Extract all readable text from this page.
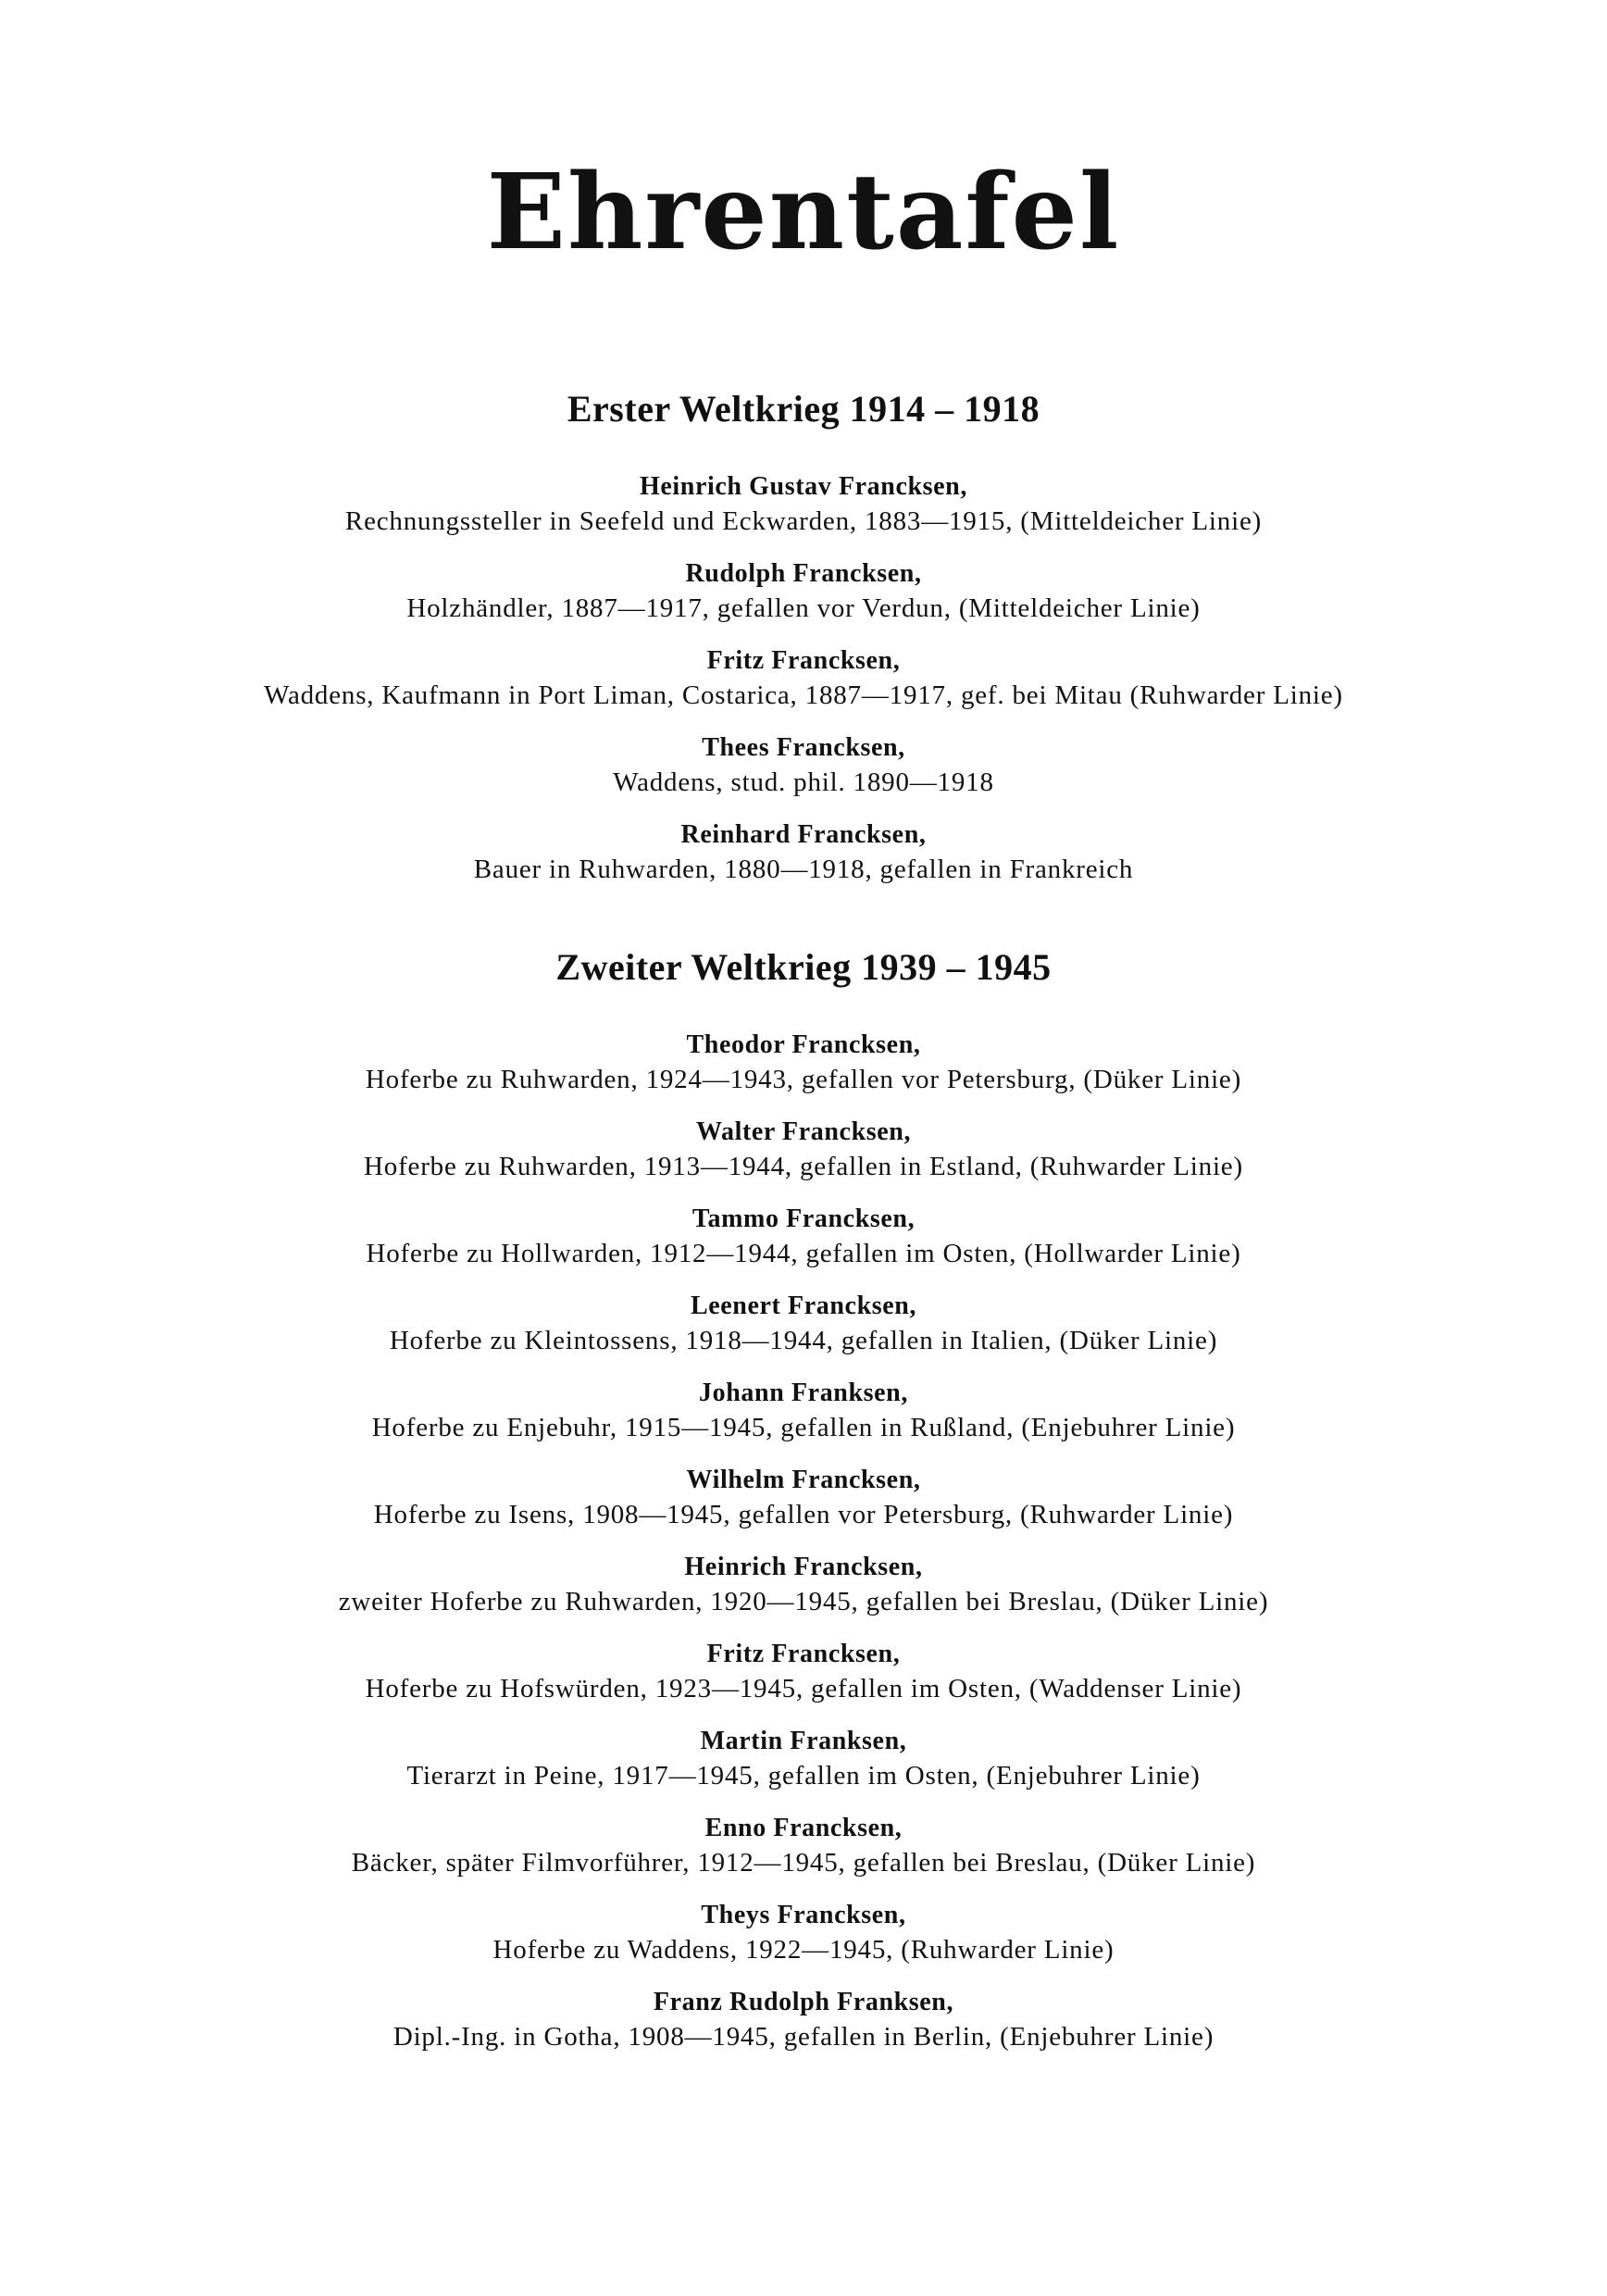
Ehrentafel
Erster Weltkrieg 1914 – 1918
Heinrich Gustav Francksen,
Rechnungssteller in Seefeld und Eckwarden, 1883—1915, (Mitteldeicher Linie)
Rudolph Francksen,
Holzhändler, 1887—1917, gefallen vor Verdun, (Mitteldeicher Linie)
Fritz Francksen,
Waddens, Kaufmann in Port Liman, Costarica, 1887—1917, gef. bei Mitau (Ruhwarder Linie)
Thees Francksen,
Waddens, stud. phil. 1890—1918
Reinhard Francksen,
Bauer in Ruhwarden, 1880—1918, gefallen in Frankreich
Zweiter Weltkrieg 1939 – 1945
Theodor Francksen,
Hoferbe zu Ruhwarden, 1924—1943, gefallen vor Petersburg, (Düker Linie)
Walter Francksen,
Hoferbe zu Ruhwarden, 1913—1944, gefallen in Estland, (Ruhwarder Linie)
Tammo Francksen,
Hoferbe zu Hollwarden, 1912—1944, gefallen im Osten, (Hollwarder Linie)
Leenert Francksen,
Hoferbe zu Kleintossens, 1918—1944, gefallen in Italien, (Düker Linie)
Johann Franksen,
Hoferbe zu Enjebuhr, 1915—1945, gefallen in Rußland, (Enjebuhrer Linie)
Wilhelm Francksen,
Hoferbe zu Isens, 1908—1945, gefallen vor Petersburg, (Ruhwarder Linie)
Heinrich Francksen,
zweiter Hoferbe zu Ruhwarden, 1920—1945, gefallen bei Breslau, (Düker Linie)
Fritz Francksen,
Hoferbe zu Hofswürden, 1923—1945, gefallen im Osten, (Waddenser Linie)
Martin Franksen,
Tierarzt in Peine, 1917—1945, gefallen im Osten, (Enjebuhrer Linie)
Enno Francksen,
Bäcker, später Filmvorführer, 1912—1945, gefallen bei Breslau, (Düker Linie)
Theys Francksen,
Hoferbe zu Waddens, 1922—1945, (Ruhwarder Linie)
Franz Rudolph Franksen,
Dipl.-Ing. in Gotha, 1908—1945, gefallen in Berlin, (Enjebuhrer Linie)
